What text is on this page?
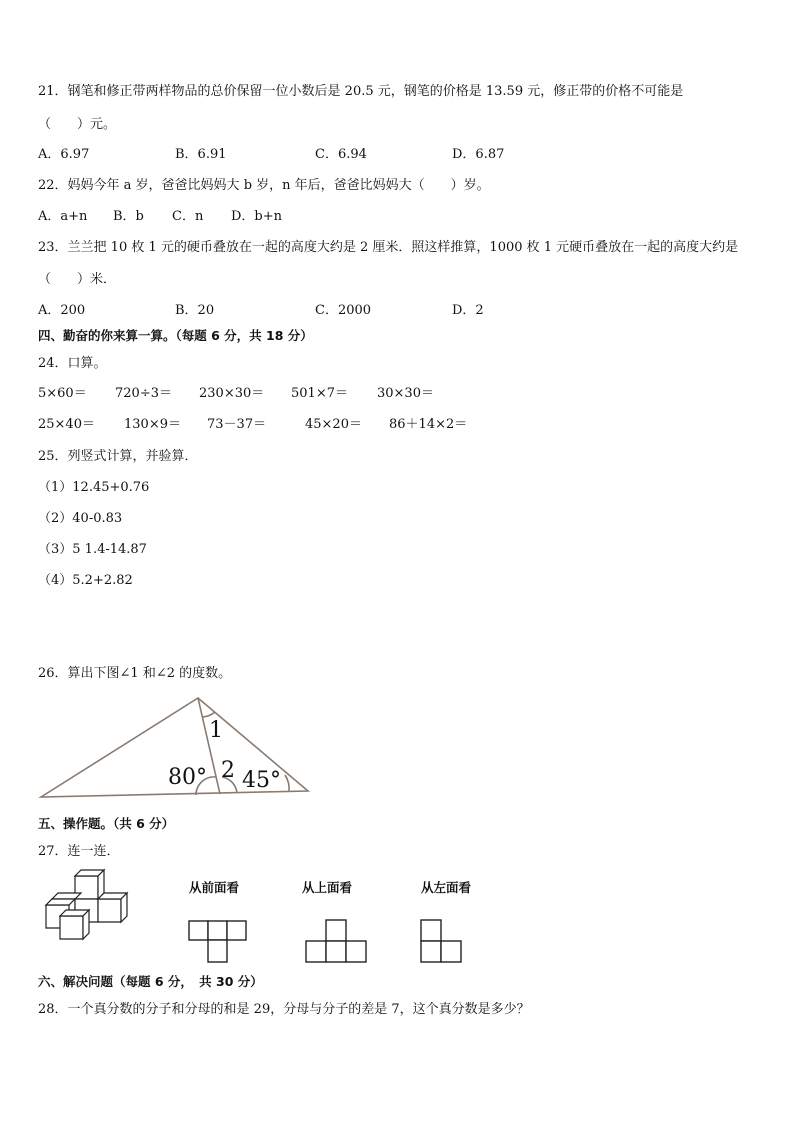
21．钢笔和修正带两样物品的总价保留一位小数后是 20.5 元，钢笔的价格是 13.59 元，修正带的价格不可能是
（　　）元。
A．6.97	B．6.91	C．6.94	D．6.87
22．妈妈今年 a 岁，爸爸比妈妈大 b 岁，n 年后，爸爸比妈妈大（　　）岁。
A．a+n B．b C．n D．b+n
23．兰兰把 10 枚 1 元的硬币叠放在一起的高度大约是 2 厘米．照这样推算，1000 枚 1 元硬币叠放在一起的高度大约是
（　　）米．
A．200	B．20	C．2000	D．2
四、勤奋的你来算一算。（每题 6 分，共 18 分）
24．口算。
5×60＝ 720÷3＝ 230×30＝ 501×7＝ 30×30＝
25×40＝ 130×9＝ 73－37＝	45×20＝ 86＋14×2＝
25．列竖式计算，并验算．
（1）12.45+0.76
（2）40-0.83
（3）5 1.4-14.87
（4）5.2+2.82
26．算出下图∠1 和∠2 的度数。
1
2
80° 45°
五、操作题。（共 6 分）
27．连一连．
从前面看	从上面看	从左面看
六、解决问题（每题 6 分，　共 30 分）
28．一个真分数的分子和分母的和是 29，分母与分子的差是 7，这个真分数是多少？
